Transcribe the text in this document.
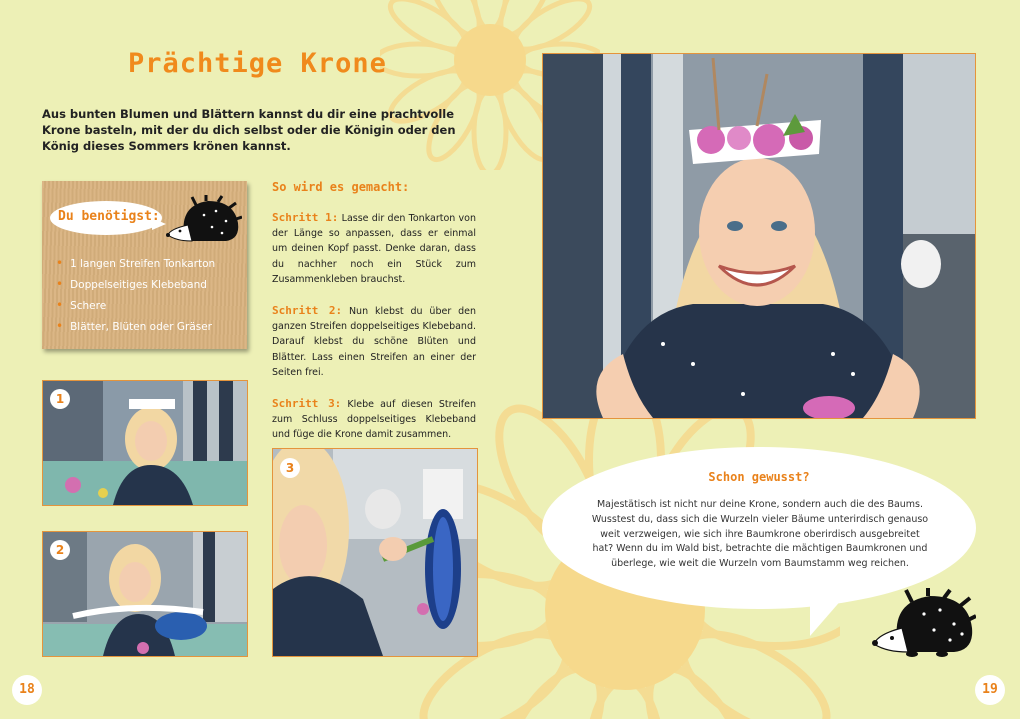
Prächtige Krone
Aus bunten Blumen und Blättern kannst du dir eine prachtvolle Krone basteln, mit der du dich selbst oder die Königin oder den König dieses Sommers krönen kannst.
Du benötigst:
• 1 langen Streifen Tonkarton
• Doppelseitiges Klebeband
• Schere
• Blätter, Blüten oder Gräser
1
2
So wird es gemacht:
Schritt 1: Lasse dir den Tonkarton von der Länge so anpassen, dass er einmal um deinen Kopf passt. Denke daran, dass du nachher noch ein Stück zum Zusammenkleben brauchst.
Schritt 2: Nun klebst du über den ganzen Streifen doppelseitiges Klebeband. Darauf klebst du schöne Blüten und Blätter. Lass einen Streifen an einer der Seiten frei.
Schritt 3: Klebe auf diesen Streifen zum Schluss doppelseitiges Klebeband und füge die Krone damit zusammen.
3
Schon gewusst?
Majestätisch ist nicht nur deine Krone, sondern auch die des Baums. Wusstest du, dass sich die Wurzeln vieler Bäume unterirdisch genauso weit verzweigen, wie sich ihre Baumkrone oberirdisch ausgebreitet hat? Wenn du im Wald bist, betrachte die mächtigen Baumkronen und überlege, wie weit die Wurzeln vom Baumstamm weg reichen.
18	19
